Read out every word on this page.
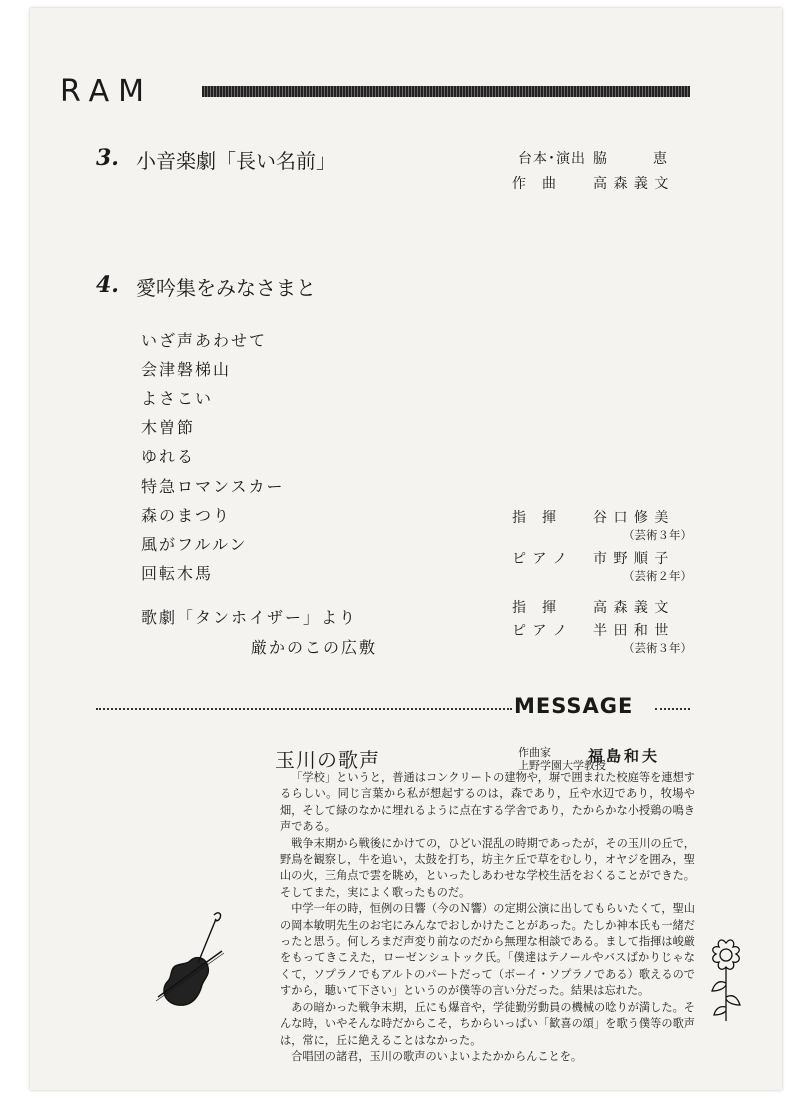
RAM
3. 小音楽劇「長い名前」	台本･演出 脇　　　恵
作　曲	高 森 義 文
4. 愛吟集をみなさまと
いざ声あわせて
会津磐梯山
よさこい
木曽節
ゆれる
特急ロマンスカー
森のまつり
風がフルルン
回転木馬
歌劇「タンホイザー」より
厳かのこの広敷
指　揮	谷 口 修 美
（芸術３年）
ピ ア ノ 市 野 順 子
（芸術２年）
指　揮	高 森 義 文
ピ ア ノ 半 田 和 世
（芸術３年）
MESSAGE
玉川の歌声	作曲家
上野学園大学教授
福島和夫

「学校」というと，普通はコンクリートの建物や，塀で囲まれた校庭等を連想するらしい。同じ言葉から私が想起するのは，森であり，丘や水辺であり，牧場や畑，そして緑のなかに埋れるように点在する学舎であり，たからかな小授鶏の鳴き声である。

戦争末期から戦後にかけての，ひどい混乱の時期であったが，その玉川の丘で，野鳥を観察し，牛を追い，太鼓を打ち，坊主ケ丘で草をむしり，オヤジを囲み，聖山の火，三角点で雲を眺め，といったしあわせな学校生活をおくることができた。そしてまた，実によく歌ったものだ。

中学一年の時，恒例の日響（今のＮ響）の定期公演に出してもらいたくて，聖山の岡本敏明先生のお宅にみんなでおしかけたことがあった。たしか神本氏も一緒だったと思う。何しろまだ声変り前なのだから無理な相談である。まして指揮は峻厳をもってきこえた，ローゼンシュトック氏。「僕達はテノールやバスばかりじゃなくて，ソプラノでもアルトのパートだって（ボーイ・ソプラノである）歌えるのですから，聴いて下さい」というのが僕等の言い分だった。結果は忘れた。

あの暗かった戦争末期，丘にも爆音や，学徒勤労動員の機械の唸りが満した。そんな時，いやそんな時だからこそ，ちからいっぱい「歓喜の頌」を歌う僕等の歌声は，常に，丘に絶えることはなかった。

合唱団の諸君，玉川の歌声のいよいよたかからんことを。
